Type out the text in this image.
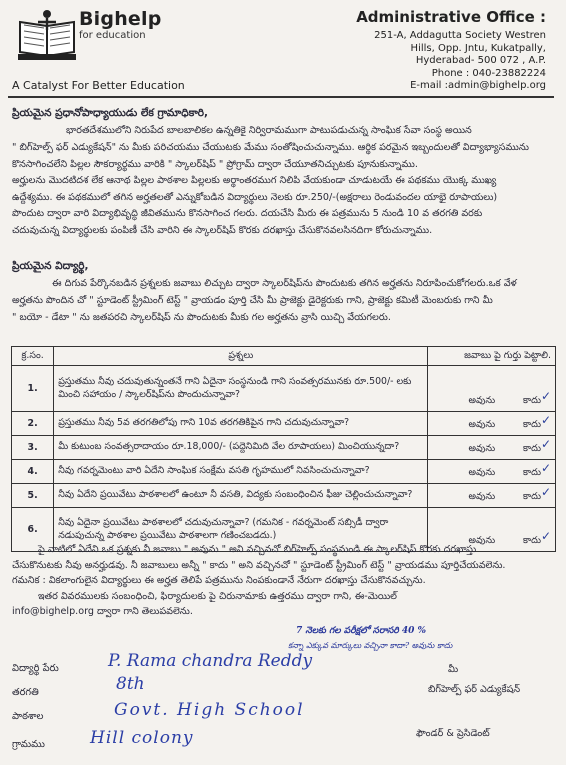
Bighelp
for education
A Catalyst For Better Education
Administrative Office :
251-A, Addagutta Society Westren
Hills, Opp. Jntu, Kukatpally,
Hyderabad- 500 072 , A.P.
Phone : 040-23882224
E-mail :admin@bighelp.org
ప్రియమైన ప్రధానోపాధ్యాయుడు లేక గ్రామాధికారి,
భారతదేశములోని నిరుపేద బాలబాలికల ఉన్నతికై నిర్విరామముగా పాటుపడుచున్న సాంఘిక సేవా సంస్థ అయిన
" బిగ్‌హెల్ప్ ఫర్ ఎడ్యుకేషన్" ను మీకు పరిచయము చేయుటకు మేము సంతోషించుచున్నాము. ఆర్థిక పరమైన ఇబ్బందులతో విద్యాభ్యాసమును
కొనసాగించలేని పిల్లల సౌకర్యార్థము వారికి " స్కాలర్‌షిప్ " ప్రోగ్రామ్ ద్వారా చేయూతనిచ్చుటకు పూనుకున్నాము.
అర్హులను మొదటిదశ లేక ఆనాథ పిల్లల పాఠశాల పిల్లలకు అర్థాంతరముగ నిలిపి వేయకుండా చూడుటయే ఈ పథకము యొక్క ముఖ్య
ఉద్దేశ్యము. ఈ పథకములో తగిన అర్హతలతో ఎన్నుకోబడిన విద్యార్థులు నెలకు రూ.250/-(అక్షరాలు రెండువందల యాభై రూపాయలు)
పొందుట ద్వారా వారి విద్యాభివృద్ధి జీవితమును కొనసాగించ గలరు. దయచేసి మీరు ఈ పత్రమును 5 నుండి 10 వ తరగతి వరకు
చదువుచున్న విద్యార్థులకు పంపిణీ చేసి వారిని ఈ స్కాలర్‌షిప్ కొరకు దరఖాస్తు చేసుకొనవలసినదిగా కోరుచున్నాము.
ప్రియమైన విద్యార్థి,
ఈ దిగువ పేర్కొనబడిన ప్రశ్నలకు జవాబు లిచ్చుట ద్వారా స్కాలర్‌షిప్‌ను పొందుటకు తగిన అర్హతను నిరూపించుకోగలరు.ఒక వేళ
అర్హతను పొందిన చో " స్టూడెంట్ స్ట్రీమింగ్ టెస్ట్ " వ్రాయడం పూర్తి చేసి మీ ప్రాజెక్టు డైరెక్టరుకు గాని, ప్రాజెక్టు కమిటీ మెంబరుకు గాని మీ
" బయో - డేటా " ను జతపరచి స్కాలర్‌షిప్ ను పొందుటకు మీకు గల అర్హతను వ్రాసి యిచ్చి వేయగలరు.
క్ర.సం.	ప్రశ్నలు	జవాబు పై గుర్తు పెట్టాలి.
1.	ప్రస్తుతము నీవు చదువుతున్నంతనే గాని ఏదైనా సంస్థనుండి గాని సంవత్సరమునకు రూ.500/- లకు మించి సహాయం / స్కాలర్‌షిప్‌ను పొందుచున్నావా?	అవును కాదు ✓

2.	ప్రస్తుతము నీవు 5వ తరగతిలోపు గాని 10వ తరగతికిపైన గాని చదువుచున్నావా?	అవును కాదు ✓

3.	మీ కుటుంబ సంవత్సరాదాయం రూ.18,000/- (పద్దెనిమిది వేల రూపాయలు) మించియున్నదా?	అవును కాదు ✓

4.	నీవు గవర్నమెంటు వారి ఏదేని సాంఘిక సంక్షేమ వసతి గృహములో నివసించుచున్నావా?	అవును కాదు ✓

5.	నీవు ఏదేని ప్రయివేటు పాఠశాలలో ఉంటూ నీ వసతి, విద్యకు సంబంధించిన ఫీజు చెల్లించుచున్నావా?	అవును కాదు ✓

6.	నీవు ఏదైనా ప్రయివేటు పాఠశాలలో చదువుచున్నావా? (గమనిక - గవర్నమెంట్ సబ్సిడీ ద్వారా నడుపుచున్న పాఠశాల ప్రయివేటు పాఠశాలగా గణించబడదు.)	అవును కాదు ✓
పై వాటిలో ఏదేని ఒక ప్రశ్నకు నీ జవాబు " అవును " అని వచ్చినచో బిగ్‌హెల్ప్ సంస్థనుండి ఈ స్కాలర్‌షిప్ కొరకు దరఖాస్తు
చేసుకొనుటకు నీవు అనర్హుడవు. నీ జవాబులు అన్నీ " కాదు " అని వచ్చినచో " స్టూడెంట్ స్ట్రీమింగ్ టెస్ట్ " వ్రాయడము పూర్తిచేయవలెను.
గమనిక : వికలాంగులైన విద్యార్థులు ఈ అర్హత తెలిపే పత్రమును నింపకుండానే నేరుగా దరఖాస్తు చేసుకొనవచ్చును.
ఇతర వివరములకు సంబంధించి, ఫిర్యాదులకు పై చిరునామాకు ఉత్తరము ద్వారా గాని, ఈ-మెయిల్
info@bighelp.org ద్వారా గాని తెలుపవలెను.
7 నెలకు గల పరీక్షలో సరాసరి 40 %
కన్నా ఎక్కువ మార్కులు వచ్చినా కాదా? అవును కాదు
విద్యార్థి పేరు	P. Rama chandra Reddy
తరగతి	8th
పాఠశాల	Govt. High School
గ్రామము	Hill colony
మీ
బిగ్‌హెల్ప్ ఫర్ ఎడ్యుకేషన్
ఫౌండర్ & ప్రెసిడెంట్
